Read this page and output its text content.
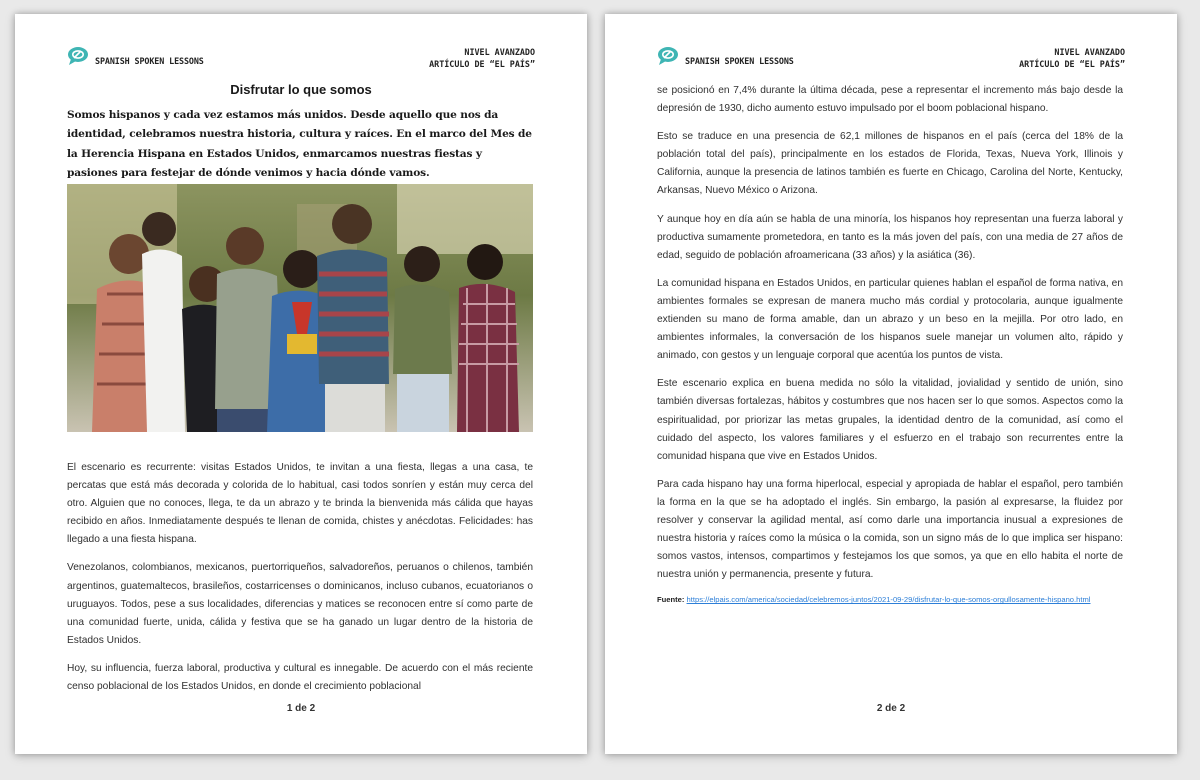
SPANISH SPOKEN LESSONS
NIVEL AVANZADO
ARTÍCULO DE “EL PAÍS”
Disfrutar lo que somos
Somos hispanos y cada vez estamos más unidos. Desde aquello que nos da identidad, celebramos nuestra historia, cultura y raíces. En el marco del Mes de la Herencia Hispana en Estados Unidos, enmarcamos nuestras fiestas y pasiones para festejar de dónde venimos y hacia dónde vamos.

El escenario es recurrente: visitas Estados Unidos, te invitan a una fiesta, llegas a una casa, te percatas que está más decorada y colorida de lo habitual, casi todos sonríen y están muy cerca del otro. Alguien que no conoces, llega, te da un abrazo y te brinda la bienvenida más cálida que hayas recibido en años. Inmediatamente después te llenan de comida, chistes y anécdotas. Felicidades: has llegado a una fiesta hispana.

Venezolanos, colombianos, mexicanos, puertorriqueños, salvadoreños, peruanos o chilenos, también argentinos, guatemaltecos, brasileños, costarricenses o dominicanos, incluso cubanos, ecuatorianos o uruguayos. Todos, pese a sus localidades, diferencias y matices se reconocen entre sí como parte de una comunidad fuerte, unida, cálida y festiva que se ha ganado un lugar dentro de la historia de Estados Unidos.

Hoy, su influencia, fuerza laboral, productiva y cultural es innegable. De acuerdo con el más reciente censo poblacional de los Estados Unidos, en donde el crecimiento poblacional

1 de 2
SPANISH SPOKEN LESSONS
NIVEL AVANZADO
ARTÍCULO DE “EL PAÍS”

se posicionó en 7,4% durante la última década, pese a representar el incremento más bajo desde la depresión de 1930, dicho aumento estuvo impulsado por el boom poblacional hispano.

Esto se traduce en una presencia de 62,1 millones de hispanos en el país (cerca del 18% de la población total del país), principalmente en los estados de Florida, Texas, Nueva York, Illinois y California, aunque la presencia de latinos también es fuerte en Chicago, Carolina del Norte, Kentucky, Arkansas, Nuevo México o Arizona.

Y aunque hoy en día aún se habla de una minoría, los hispanos hoy representan una fuerza laboral y productiva sumamente prometedora, en tanto es la más joven del país, con una media de 27 años de edad, seguido de población afroamericana (33 años) y la asiática (36).

La comunidad hispana en Estados Unidos, en particular quienes hablan el español de forma nativa, en ambientes formales se expresan de manera mucho más cordial y protocolaria, aunque igualmente extienden su mano de forma amable, dan un abrazo y un beso en la mejilla. Por otro lado, en ambientes informales, la conversación de los hispanos suele manejar un volumen alto, rápido y animado, con gestos y un lenguaje corporal que acentúa los puntos de vista.

Este escenario explica en buena medida no sólo la vitalidad, jovialidad y sentido de unión, sino también diversas fortalezas, hábitos y costumbres que nos hacen ser lo que somos. Aspectos como la espiritualidad, por priorizar las metas grupales, la identidad dentro de la comunidad, así como el cuidado del aspecto, los valores familiares y el esfuerzo en el trabajo son recurrentes entre la comunidad hispana que vive en Estados Unidos.

Para cada hispano hay una forma hiperlocal, especial y apropiada de hablar el español, pero también la forma en la que se ha adoptado el inglés. Sin embargo, la pasión al expresarse, la fluidez por resolver y conservar la agilidad mental, así como darle una importancia inusual a expresiones de nuestra historia y raíces como la música o la comida, son un signo más de lo que implica ser hispano: somos vastos, intensos, compartimos y festejamos los que somos, ya que en ello habita el norte de nuestra unión y permanencia, presente y futura.

Fuente: https://elpais.com/america/sociedad/celebremos-juntos/2021-09-29/disfrutar-lo-que-somos-orgullosamente-hispano.html
2 de 2
